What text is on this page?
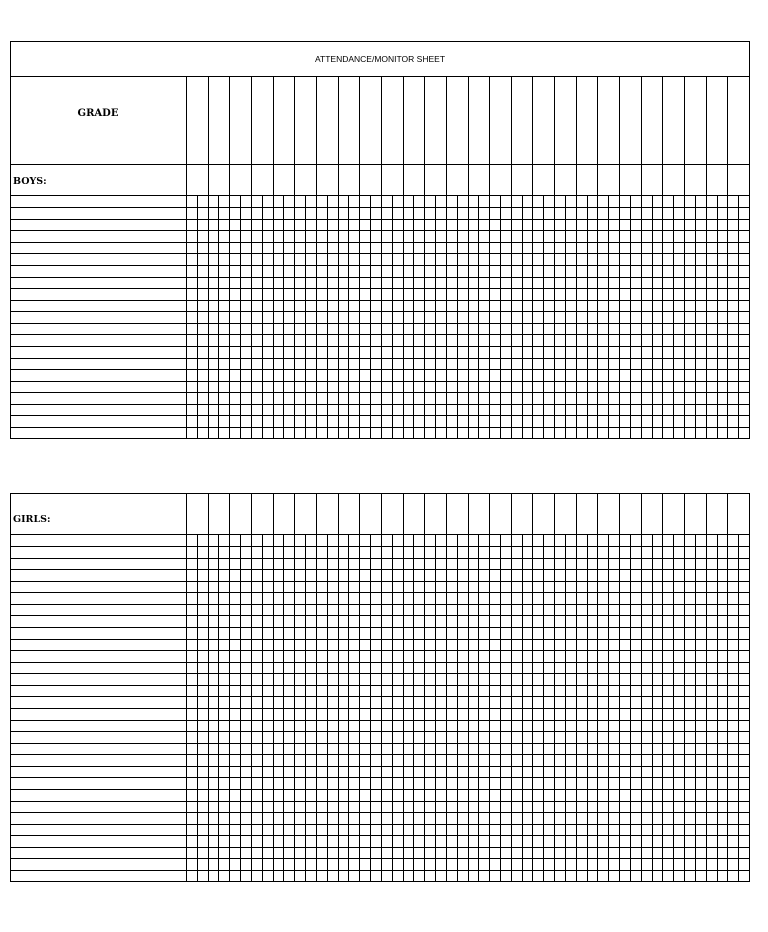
ATTENDANCE/MONITOR SHEET
GRADE
BOYS:
GIRLS:
